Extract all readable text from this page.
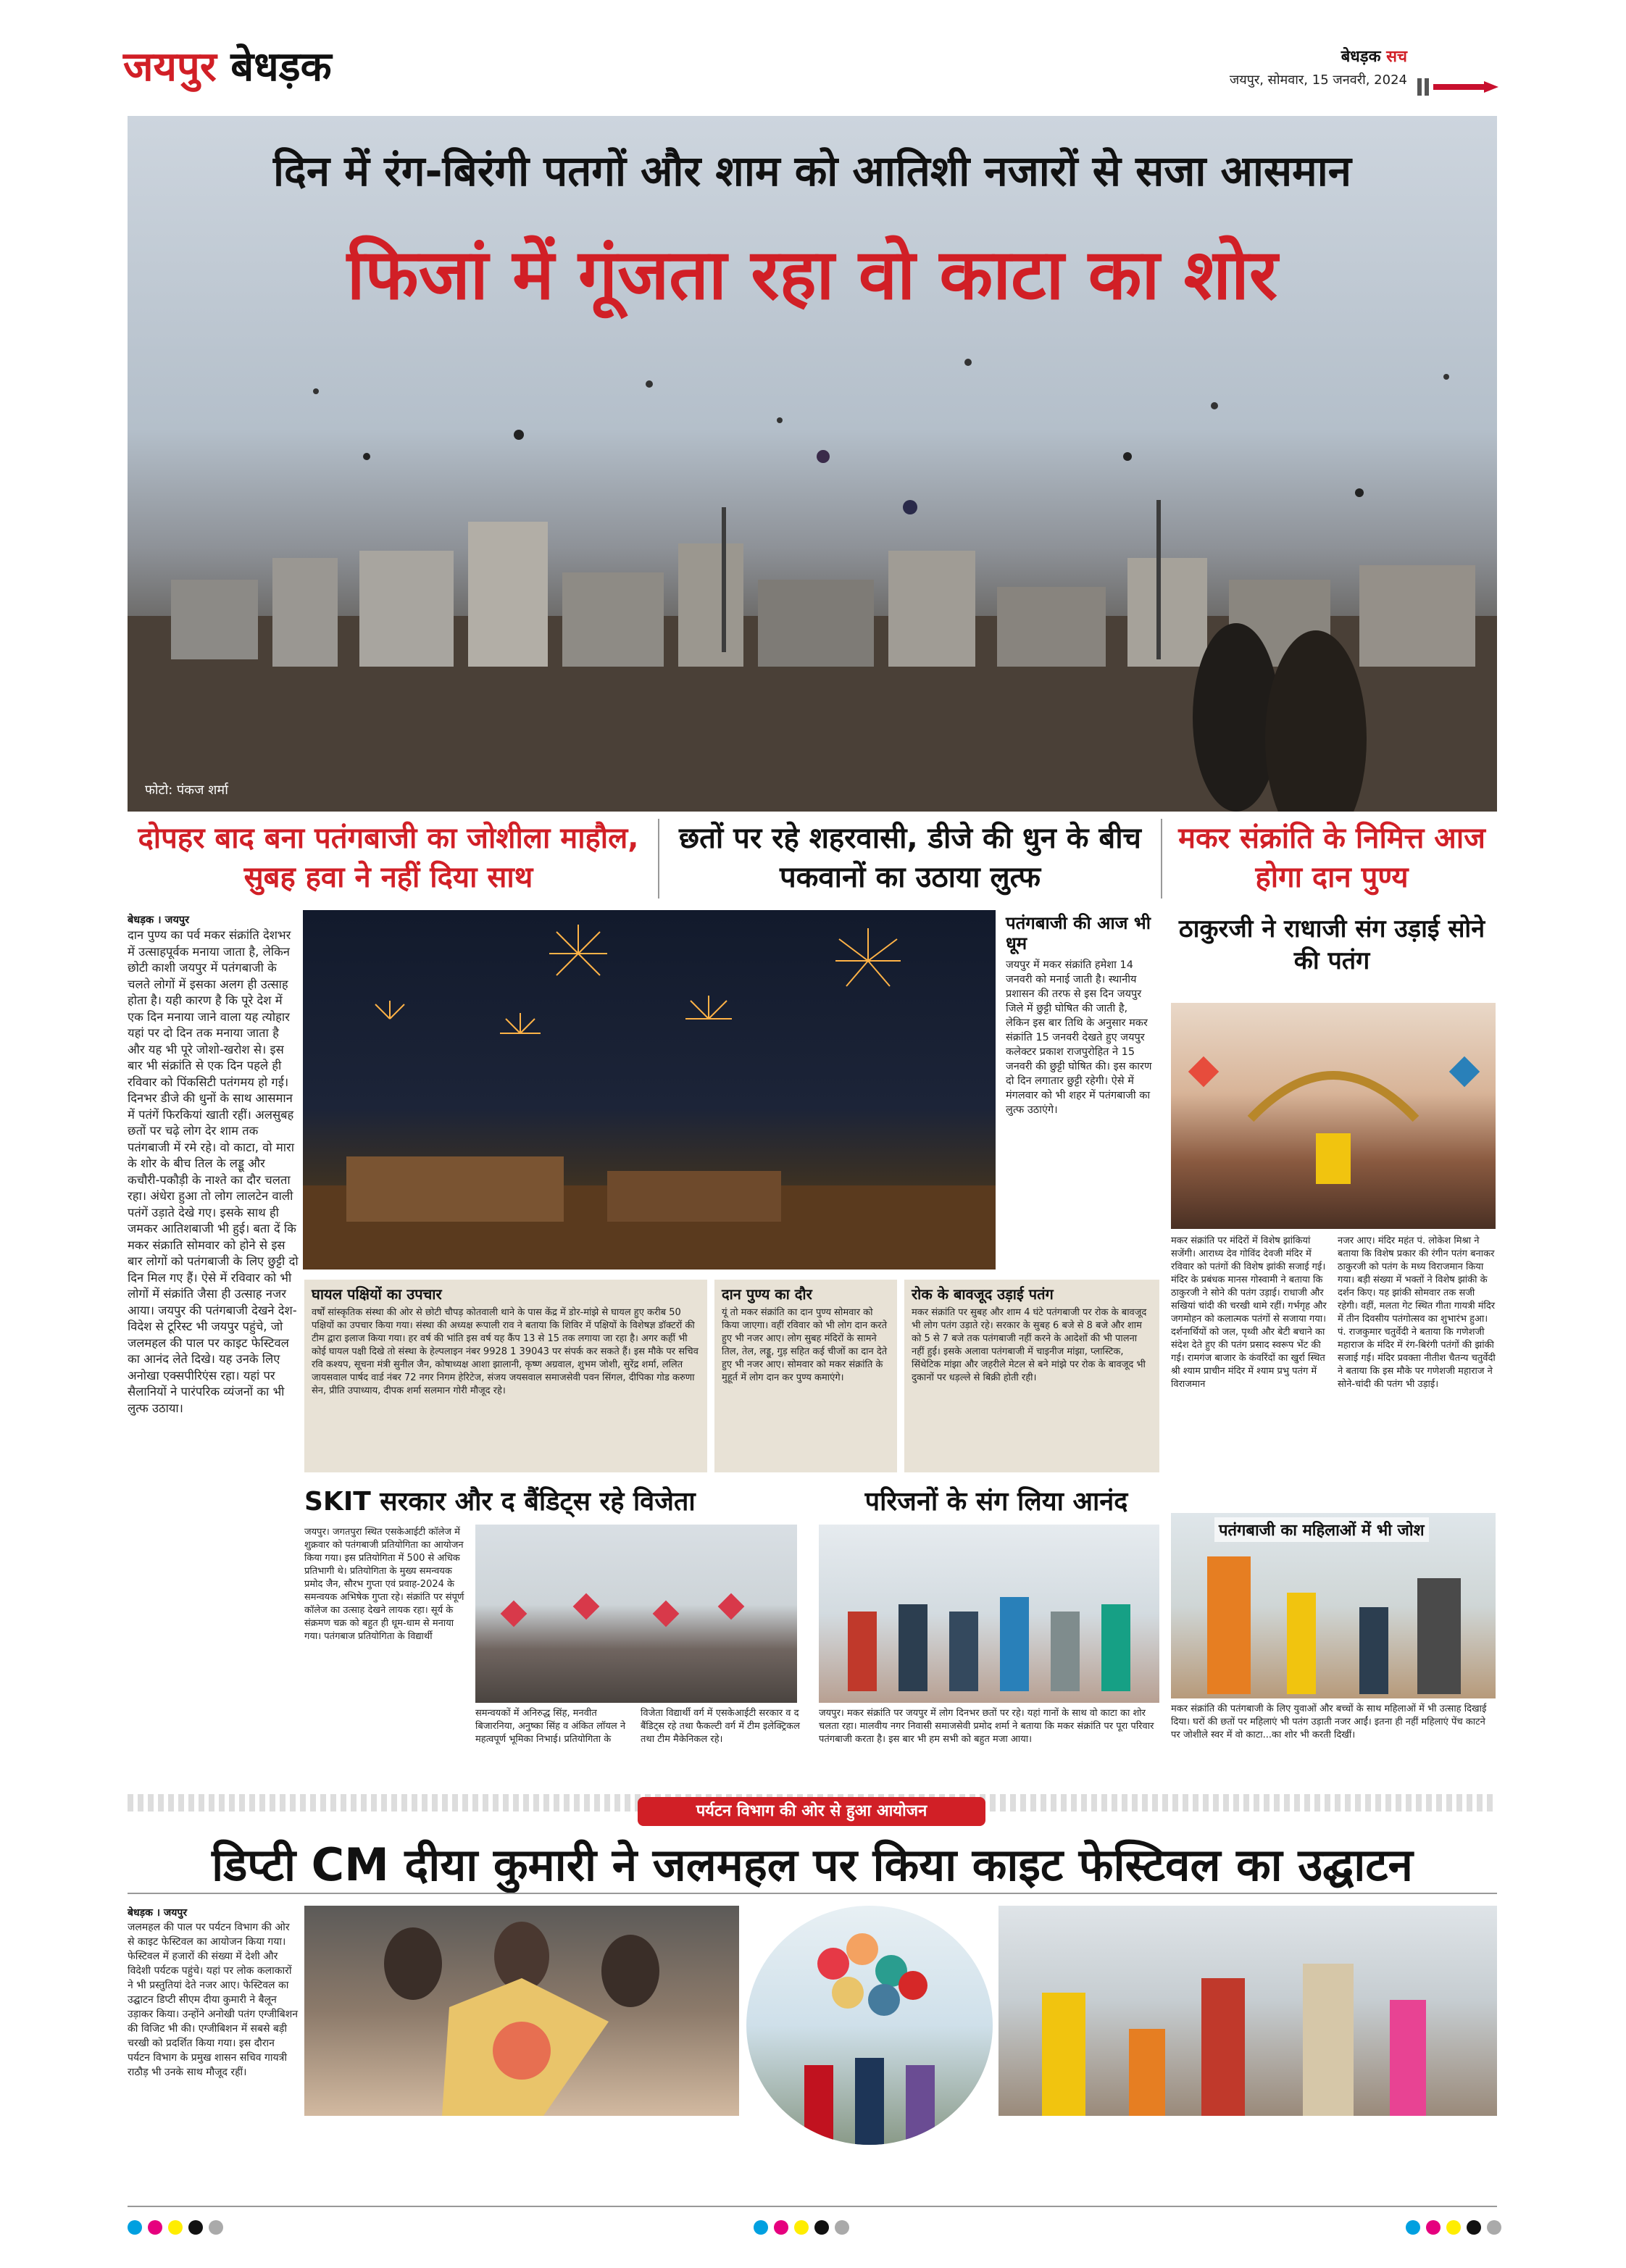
जयपुर बेधड़क	बेधड़क सच
जयपुर, सोमवार, 15 जनवरी, 2024
दिन में रंग-बिरंगी पतगों और शाम को आतिशी नजारों से सजा आसमान
फिजां में गूंजता रहा वो काटा का शोर
फोटो: पंकज शर्मा
दोपहर बाद बना पतंगबाजी का जोशीला माहौल, सुबह हवा ने नहीं दिया साथ
छतों पर रहे शहरवासी, डीजे की धुन के बीच पकवानों का उठाया लुत्फ
मकर संक्रांति के निमित्त आज होगा दान पुण्य
बेधड़क । जयपुर
दान पुण्य का पर्व मकर संक्रांति देशभर में उत्साहपूर्वक मनाया जाता है, लेकिन छोटी काशी जयपुर में पतंगबाजी के चलते लोगों में इसका अलग ही उत्साह होता है। यही कारण है कि पूरे देश में एक दिन मनाया जाने वाला यह त्योहार यहां पर दो दिन तक मनाया जाता है और यह भी पूरे जोशो-खरोश से। इस बार भी संक्रांति से एक दिन पहले ही रविवार को पिंकसिटी पतंगमय हो गई। दिनभर डीजे की धुनों के साथ आसमान में पतंगें फिरकियां खाती रहीं। अलसुबह छतों पर चढ़े लोग देर शाम तक पतंगबाजी में रमे रहे। वो काटा, वो मारा के शोर के बीच तिल के लड्डू और कचौरी-पकौड़ी के नाश्ते का दौर चलता रहा। अंधेरा हुआ तो लोग लालटेन वाली पतंगें उड़ाते देखे गए। इसके साथ ही जमकर आतिशबाजी भी हुई। बता दें कि मकर संक्राति सोमवार को होने से इस बार लोगों को पतंगबाजी के लिए छुट्टी दो दिन मिल गए हैं। ऐसे में रविवार को भी लोगों में संक्रांति जैसा ही उत्साह नजर आया। जयपुर की पतंगबाजी देखने देश-विदेश से टूरिस्ट भी जयपुर पहुंचे, जो जलमहल की पाल पर काइट फेस्टिवल का आनंद लेते दिखे। यह उनके लिए अनोखा एक्सपीरिएंस रहा। यहां पर सैलानियों ने पारंपरिक व्यंजनों का भी लुत्फ उठाया।
पतंगबाजी की आज भी धूम
जयपुर में मकर संक्रांति हमेशा 14 जनवरी को मनाई जाती है। स्थानीय प्रशासन की तरफ से इस दिन जयपुर जिले में छुट्टी घोषित की जाती है, लेकिन इस बार तिथि के अनुसार मकर संक्रांति 15 जनवरी देखते हुए जयपुर कलेक्टर प्रकाश राजपुरोहित ने 15 जनवरी की छुट्टी घोषित की। इस कारण दो दिन लगातार छुट्टी रहेगी। ऐसे में मंगलवार को भी शहर में पतंगबाजी का लुत्फ उठाएंगे।
घायल पक्षियों का उपचार
वर्षों सांस्कृतिक संस्था की ओर से छोटी चौपड़ कोतवाली थाने के पास केंद्र में डोर-मांझे से घायल हुए करीब 50 पक्षियों का उपचार किया गया। संस्था की अध्यक्ष रूपाली राव ने बताया कि शिविर में पक्षियों के विशेषज्ञ डॉक्टरों की टीम द्वारा इलाज किया गया। हर वर्ष की भांति इस वर्ष यह कैंप 13 से 15 तक लगाया जा रहा है। अगर कहीं भी कोई घायल पक्षी दिखे तो संस्था के हेल्पलाइन नंबर 9928 1 39043 पर संपर्क कर सकते हैं। इस मौके पर सचिव रवि कश्यप, सूचना मंत्री सुनील जैन, कोषाध्यक्ष आशा झालानी, कृष्ण अग्रवाल, शुभम जोशी, सुरेंद्र शर्मा, ललित जायसवाल पार्षद वार्ड नंबर 72 नगर निगम हेरिटेज, संजय जयसवाल समाजसेवी पवन सिंगल, दीपिका गोड करुणा सेन, प्रीति उपाध्याय, दीपक शर्मा सलमान गोरी मौजूद रहे।
दान पुण्य का दौर
यूं तो मकर संक्रांति का दान पुण्य सोमवार को किया जाएगा। वहीं रविवार को भी लोग दान करते हुए भी नजर आए। लोग सुबह मंदिरों के सामने तिल, तेल, लड्डू, गुड़ सहित कई चीजों का दान देते हुए भी नजर आए। सोमवार को मकर संक्रांति के मुहूर्त में लोग दान कर पुण्य कमाएंगे।
रोक के बावजूद उड़ाई पतंग
मकर संक्रांति पर सुबह और शाम 4 घंटे पतंगबाजी पर रोक के बावजूद भी लोग पतंग उड़ाते रहे। सरकार के सुबह 6 बजे से 8 बजे और शाम को 5 से 7 बजे तक पतंगबाजी नहीं करने के आदेशों की भी पालना नहीं हुई। इसके अलावा पतंगबाजी में चाइनीज मांझा, प्लास्टिक, सिंथेटिक मांझा और जहरीले मेटल से बने मांझे पर रोक के बावजूद भी दुकानों पर धड़ल्ले से बिक्री होती रही।
SKIT सरकार और द बैंडिट्स रहे विजेता
जयपुर। जगतपुरा स्थित एसकेआईटी कॉलेज में शुक्रवार को पतंगबाजी प्रतियोगिता का आयोजन किया गया। इस प्रतियोगिता में 500 से अधिक प्रतिभागी थे। प्रतियोगिता के मुख्य समन्वयक प्रमोद जैन, सौरभ गुप्ता एवं प्रवाह-2024 के समन्वयक अभिषेक गुप्ता रहे। संक्रांति पर संपूर्ण कॉलेज का उत्साह देखने लायक रहा। सूर्य के संक्रमण चक्र को बहुत ही धूम-धाम से मनाया गया। पतंगबाज प्रतियोगिता के विद्यार्थी
समन्वयकों में अनिरुद्ध सिंह, मनवीत बिजारनिया, अनुष्का सिंह व अंकित लॉयल ने महत्वपूर्ण भूमिका निभाई। प्रतियोगिता के
विजेता विद्यार्थी वर्ग में एसकेआईटी सरकार व द बैंडिट्स रहे तथा फैकल्टी वर्ग में टीम इलेक्ट्रिकल तथा टीम मैकेनिकल रहे।
परिजनों के संग लिया आनंद
जयपुर। मकर संक्रांति पर जयपुर में लोग दिनभर छतों पर रहे। यहां गानों के साथ वो काटा का शोर चलता रहा। मालवीय नगर निवासी समाजसेवी प्रमोद शर्मा ने बताया कि मकर संक्रांति पर पूरा परिवार पतंगबाजी करता है। इस बार भी हम सभी को बहुत मजा आया।
ठाकुरजी ने राधाजी संग उड़ाई सोने की पतंग
मकर संक्रांति पर मंदिरों में विशेष झांकियां सजेंगी। आराध्य देव गोविंद देवजी मंदिर में रविवार को पतंगों की विशेष झांकी सजाई गई। मंदिर के प्रबंधक मानस गोस्वामी ने बताया कि ठाकुरजी ने सोने की पतंग उड़ाई। राधाजी और सखियां चांदी की चरखी थामे रहीं। गर्भगृह और जगमोहन को कलात्मक पतंगों से सजाया गया। दर्शनार्थियों को जल, पृथ्वी और बेटी बचाने का संदेश देते हुए की पतंग प्रसाद स्वरूप भेंट की गई। रामगंज बाजार के कंवरिंदों का खुर्रा स्थित श्री श्याम प्राचीन मंदिर में श्याम प्रभु पतंग में विराजमान
नजर आए। मंदिर महंत पं. लोकेश मिश्रा ने बताया कि विशेष प्रकार की रंगीन पतंग बनाकर ठाकुरजी को पतंग के मध्य विराजमान किया गया। बड़ी संख्या में भक्तों ने विशेष झांकी के दर्शन किए। यह झांकी सोमवार तक सजी रहेगी। वहीं, मलता गेट स्थित गीता गायत्री मंदिर में तीन दिवसीय पतंगोत्सव का शुभारंभ हुआ। पं. राजकुमार चतुर्वेदी ने बताया कि गणेशजी महाराज के मंदिर में रंग-बिरंगी पतंगों की झांकी सजाई गई। मंदिर प्रवक्ता नीतीश चैतन्य चतुर्वेदी ने बताया कि इस मौके पर गणेशजी महाराज ने सोने-चांदी की पतंग भी उड़ाई।
पतंगबाजी का महिलाओं में भी जोश
मकर संक्रांति की पतंगबाजी के लिए युवाओं और बच्चों के साथ महिलाओं में भी उत्साह दिखाई दिया। घरों की छतों पर महिलाएं भी पतंग उड़ाती नजर आईं। इतना ही नहीं महिलाएं पेंच काटने पर जोशीले स्वर में वो काटा...का शोर भी करती दिखीं।
पर्यटन विभाग की ओर से हुआ आयोजन
डिप्टी CM दीया कुमारी ने जलमहल पर किया काइट फेस्टिवल का उद्घाटन
बेधड़क । जयपुर
जलमहल की पाल पर पर्यटन विभाग की ओर से काइट फेस्टिवल का आयोजन किया गया। फेस्टिवल में हजारों की संख्या में देशी और विदेशी पर्यटक पहुंचे। यहां पर लोक कलाकारों ने भी प्रस्तुतियां देते नजर आए। फेस्टिवल का उद्घाटन डिप्टी सीएम दीया कुमारी ने बैलून उड़ाकर किया। उन्होंने अनोखी पतंग एग्जीबिशन की विजिट भी की। एग्जीबिशन में सबसे बड़ी चरखी को प्रदर्शित किया गया। इस दौरान पर्यटन विभाग के प्रमुख शासन सचिव गायत्री राठौड़ भी उनके साथ मौजूद रहीं।
